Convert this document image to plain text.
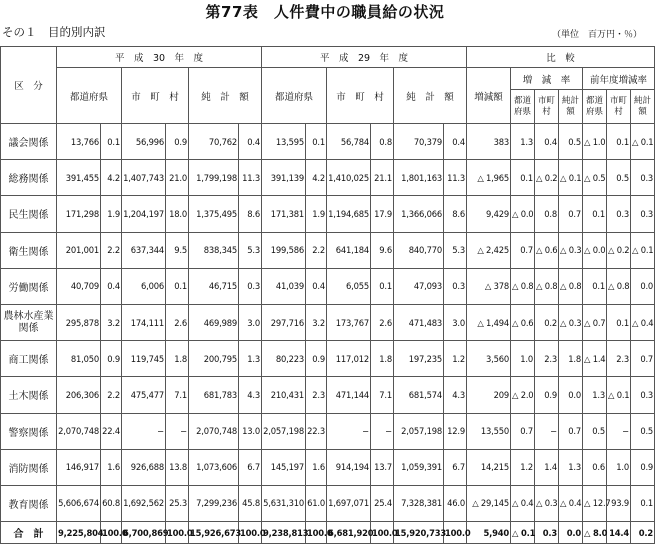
第77表　人件費中の職員給の状況
その１　目的別内訳	（単位　百万円・％）
区　分	平　成　30　年　度						平　成　29　年　度						比　較						
	都道府県		市　町　村		純　計　額		都道府県		市　町　村		純　計　額		増減額	増　減　率			前年度増減率		
														都道府県	市町村	純計額	都道府県	市町村	純計額
議会関係	13,766	0.1	56,996	0.9	70,762	0.4	13,595	0.1	56,784	0.8	70,379	0.4	383	1.3	0.4	0.5	△ 1.0	0.1	△ 0.1
総務関係	391,455	4.2	1,407,743	21.0	1,799,198	11.3	391,139	4.2	1,410,025	21.1	1,801,163	11.3	△ 1,965	0.1	△ 0.2	△ 0.1	△ 0.5	0.5	0.3
民生関係	171,298	1.9	1,204,197	18.0	1,375,495	8.6	171,381	1.9	1,194,685	17.9	1,366,066	8.6	9,429	△ 0.0	0.8	0.7	0.1	0.3	0.3
衛生関係	201,001	2.2	637,344	9.5	838,345	5.3	199,586	2.2	641,184	9.6	840,770	5.3	△ 2,425	0.7	△ 0.6	△ 0.3	△ 0.0	△ 0.2	△ 0.1
労働関係	40,709	0.4	6,006	0.1	46,715	0.3	41,039	0.4	6,055	0.1	47,093	0.3	△ 378	△ 0.8	△ 0.8	△ 0.8	0.1	△ 0.8	0.0
農林水産業関係	295,878	3.2	174,111	2.6	469,989	3.0	297,716	3.2	173,767	2.6	471,483	3.0	△ 1,494	△ 0.6	0.2	△ 0.3	△ 0.7	0.1	△ 0.4
商工関係	81,050	0.9	119,745	1.8	200,795	1.3	80,223	0.9	117,012	1.8	197,235	1.2	3,560	1.0	2.3	1.8	△ 1.4	2.3	0.7
土木関係	206,306	2.2	475,477	7.1	681,783	4.3	210,431	2.3	471,144	7.1	681,574	4.3	209	△ 2.0	0.9	0.0	1.3	△ 0.1	0.3
警察関係	2,070,748	22.4	−	−	2,070,748	13.0	2,057,198	22.3	−	−	2,057,198	12.9	13,550	0.7	−	0.7	0.5	−	0.5
消防関係	146,917	1.6	926,688	13.8	1,073,606	6.7	145,197	1.6	914,194	13.7	1,059,391	6.7	14,215	1.2	1.4	1.3	0.6	1.0	0.9
教育関係	5,606,674	60.8	1,692,562	25.3	7,299,236	45.8	5,631,310	61.0	1,697,071	25.4	7,328,381	46.0	△ 29,145	△ 0.4	△ 0.3	△ 0.4	△ 12.7	93.9	0.1
合　計	9,225,804	100.0	6,700,869	100.0	15,926,673	100.0	9,238,813	100.0	6,681,920	100.0	15,920,733	100.0	5,940	△ 0.1	0.3	0.0	△ 8.0	14.4	0.2
